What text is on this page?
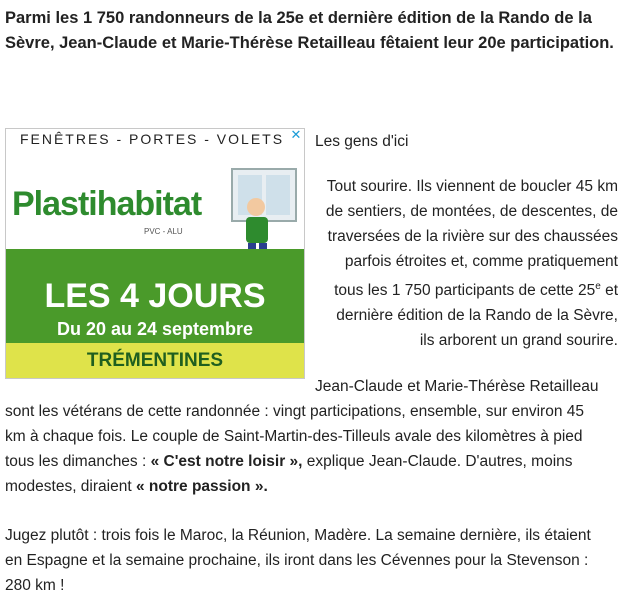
Parmi les 1 750 randonneurs de la 25e et dernière édition de la Rando de la Sèvre, Jean-Claude et Marie-Thérèse Retailleau fêtaient leur 20e participation.
FENÊTRES - PORTES - VOLETS ✕
Plastihabitat
PVC - ALU
LES 4 JOURS
Du 20 au 24 septembre
TRÉMENTINES
Les gens d'ici
Tout sourire. Ils viennent de boucler 45 km
de sentiers, de montées, de descentes, de
traversées de la rivière sur des chaussées
parfois étroites et, comme pratiquement
tous les 1 750 participants de cette 25e et
dernière édition de la Rando de la Sèvre,
ils arborent un grand sourire.
Jean-Claude et Marie-Thérèse Retailleau
sont les vétérans de cette randonnée : vingt participations, ensemble, sur environ 45
km à chaque fois. Le couple de Saint-Martin-des-Tilleuls avale des kilomètres à pied
tous les dimanches : « C'est notre loisir », explique Jean-Claude. D'autres, moins
modestes, diraient « notre passion ».
Jugez plutôt : trois fois le Maroc, la Réunion, Madère. La semaine dernière, ils étaient
en Espagne et la semaine prochaine, ils iront dans les Cévennes pour la Stevenson :
280 km !
